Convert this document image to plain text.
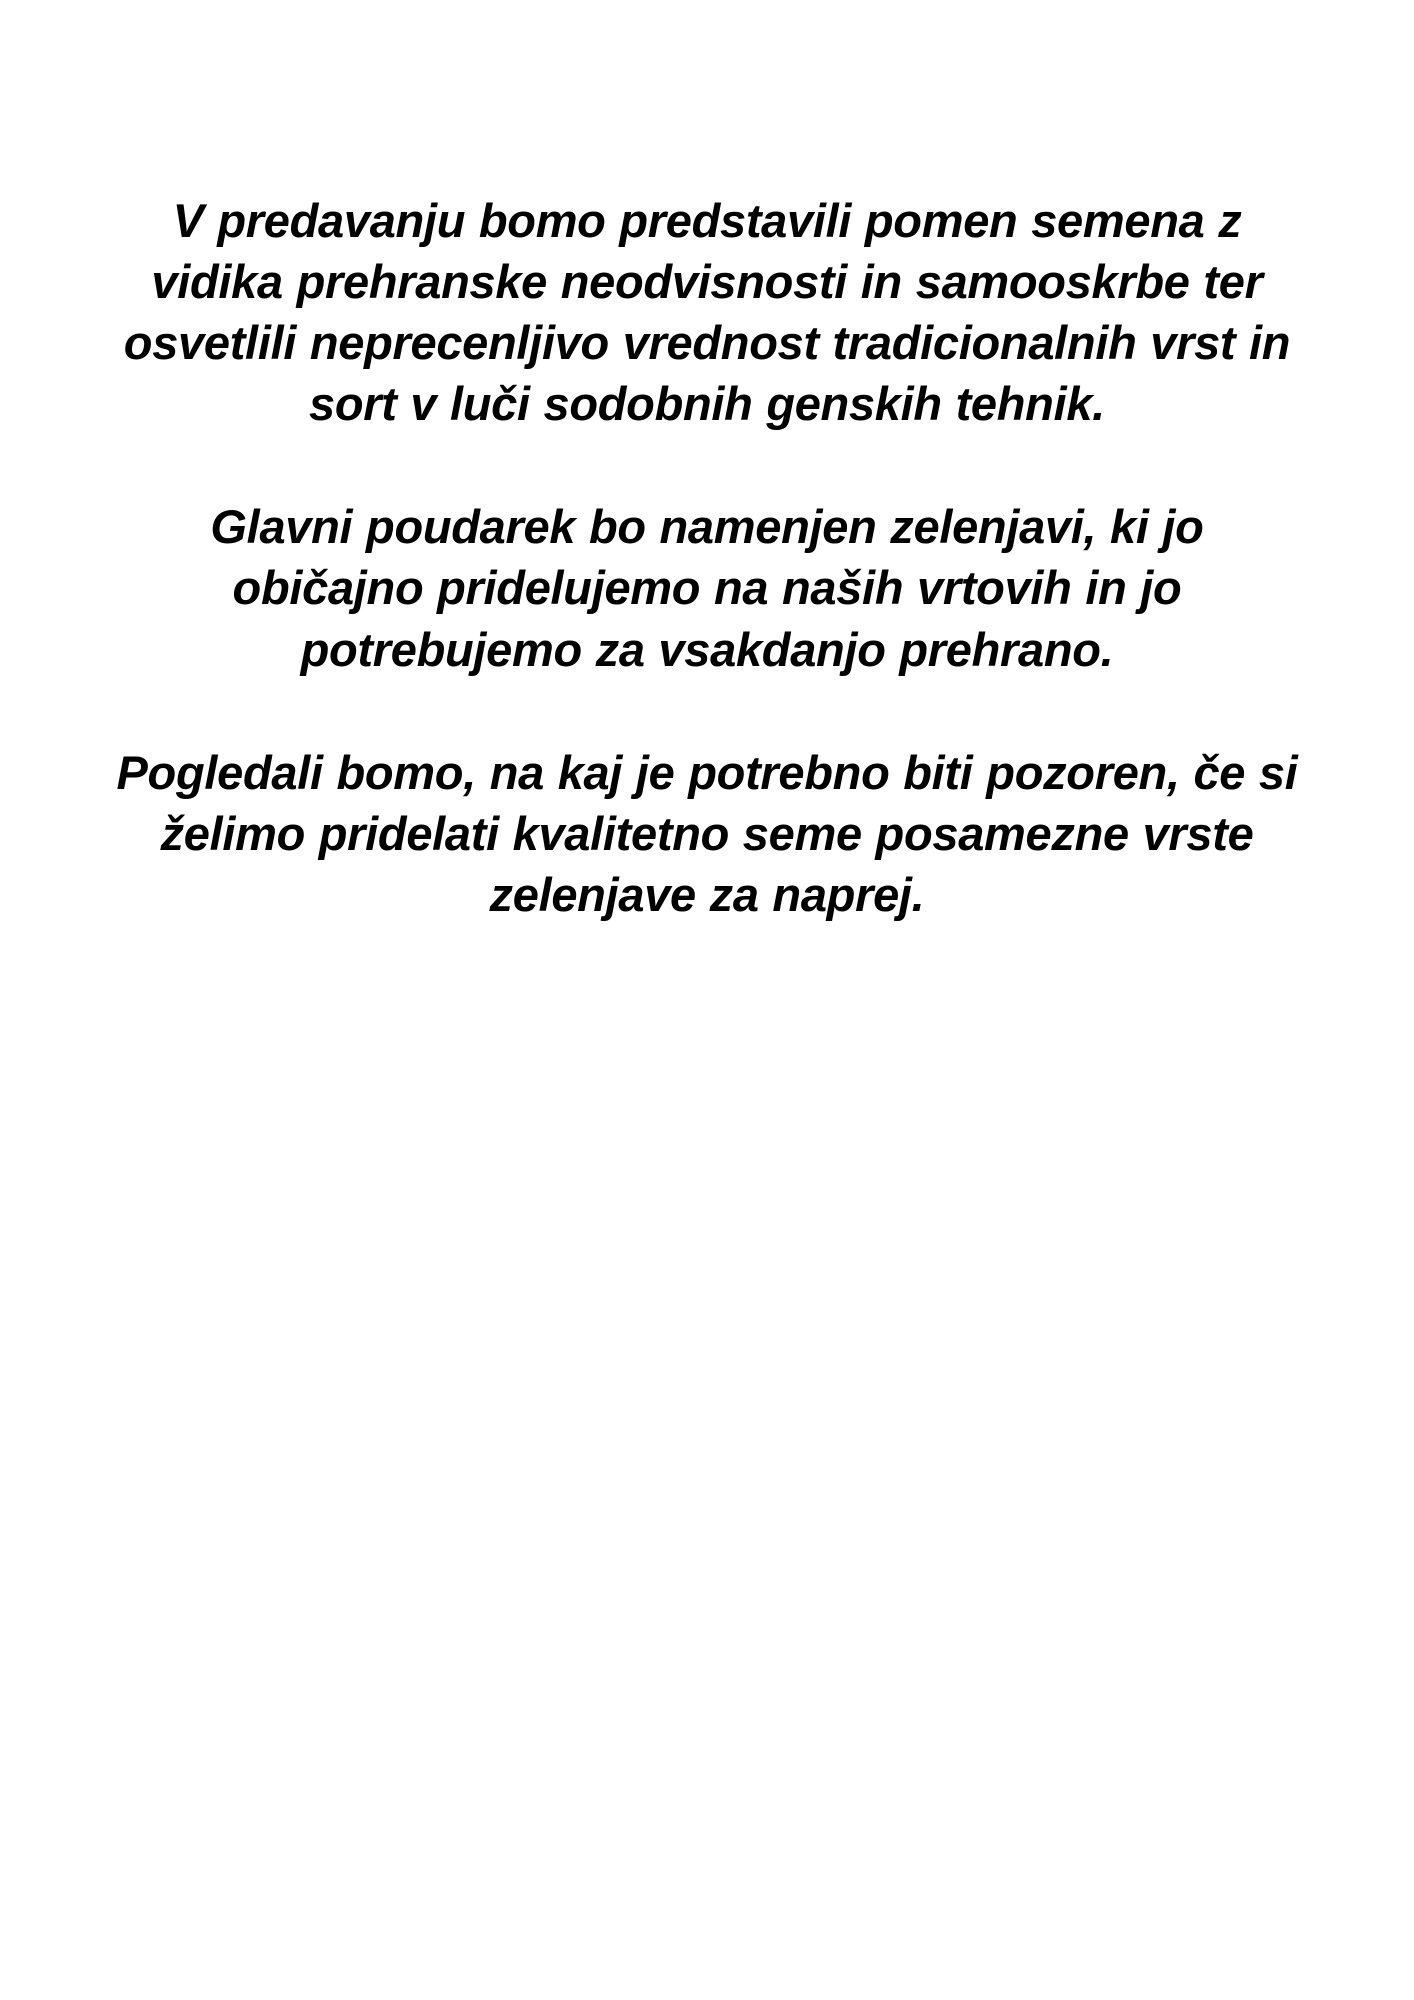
V predavanju bomo predstavili pomen semena z vidika prehranske neodvisnosti in samooskrbe ter osvetlili neprecenljivo vrednost tradicionalnih vrst in sort v luči sodobnih genskih tehnik.

Glavni poudarek bo namenjen zelenjavi, ki jo običajno pridelujemo na naših vrtovih in jo potrebujemo za vsakdanjo prehrano.

Pogledali bomo, na kaj je potrebno biti pozoren, če si želimo pridelati kvalitetno seme posamezne vrste zelenjave za naprej.
